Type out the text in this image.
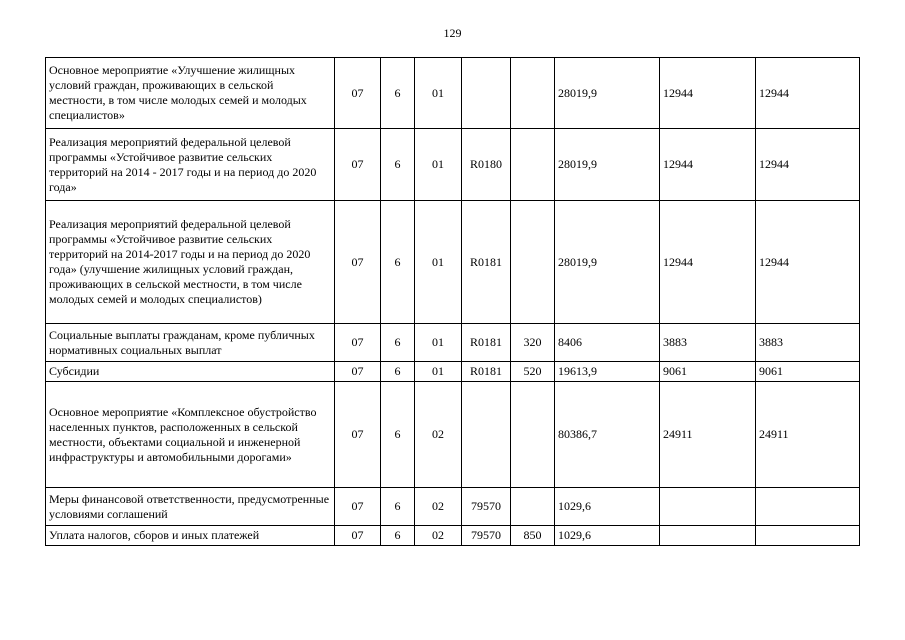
129
Основное мероприятие «Улучшение жилищных условий граждан, проживающих в сельской местности, в том числе молодых семей и молодых специалистов»	07	6	01			28019,9	12944	12944
Реализация мероприятий федеральной целевой программы «Устойчивое развитие сельских территорий на 2014 - 2017 годы и на период до 2020 года»	07	6	01	R0180		28019,9	12944	12944
Реализация мероприятий федеральной целевой программы «Устойчивое развитие сельских территорий на 2014-2017 годы и на период до 2020 года» (улучшение жилищных условий граждан, проживающих в сельской местности, в том числе молодых семей и молодых специалистов)	07	6	01	R0181		28019,9	12944	12944
Социальные выплаты гражданам, кроме публичных нормативных социальных выплат	07	6	01	R0181	320	8406	3883	3883
Субсидии	07	6	01	R0181	520	19613,9	9061	9061
Основное мероприятие «Комплексное обустройство населенных пунктов, расположенных в сельской местности, объектами социальной и инженерной инфраструктуры и автомобильными дорогами»	07	6	02			80386,7	24911	24911
Меры финансовой ответственности, предусмотренные условиями соглашений	07	6	02	79570		1029,6		
Уплата налогов, сборов и иных платежей	07	6	02	79570	850	1029,6		
